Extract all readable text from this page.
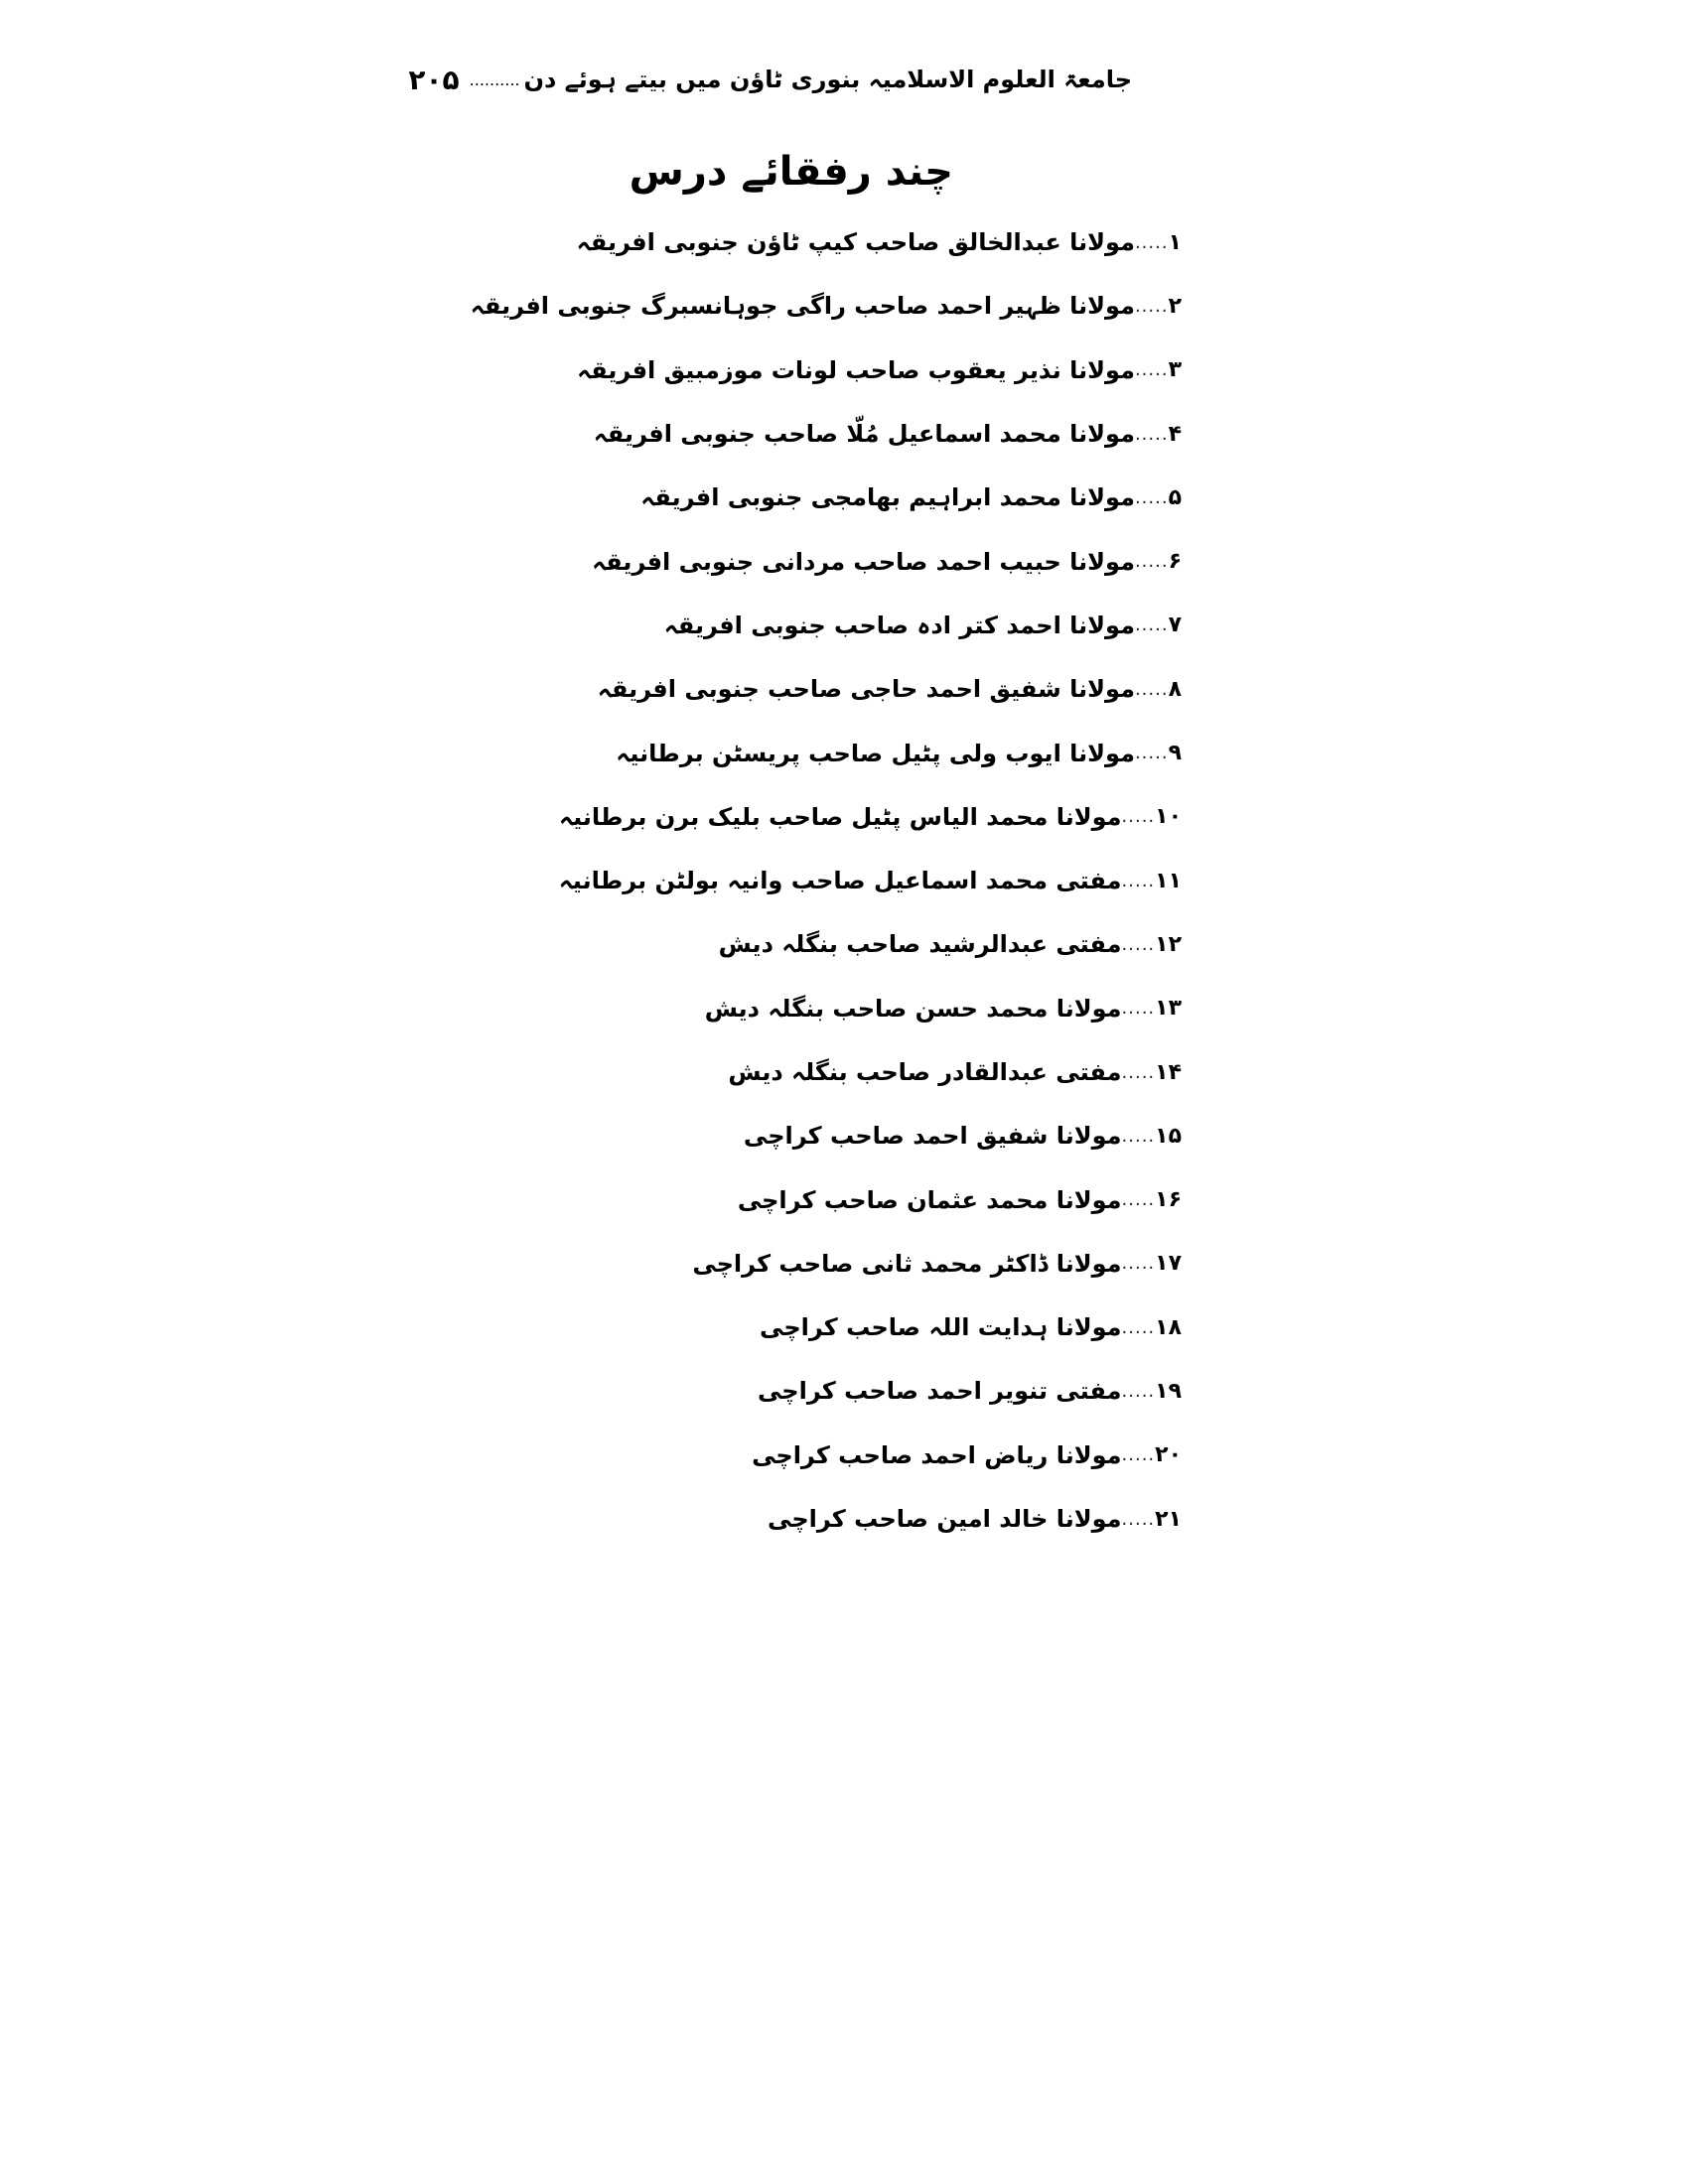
جامعۃ العلوم الاسلامیہ بنوری ٹاؤن میں بیتے ہوئے دن
..........
۲۰۵
چند رفقائے درس
۱
.....
مولانا عبدالخالق صاحب کیپ ٹاؤن جنوبی افریقہ
۲
.....
مولانا ظہیر احمد صاحب راگی جوہانسبرگ جنوبی افریقہ
۳
.....
مولانا نذیر یعقوب صاحب لونات موزمبیق افریقہ
۴
.....
مولانا محمد اسماعیل مُلّا صاحب جنوبی افریقہ
۵
.....
مولانا محمد ابراہیم بھامجی جنوبی افریقہ
۶
.....
مولانا حبیب احمد صاحب مردانی جنوبی افریقہ
۷
.....
مولانا احمد کتر ادہ صاحب جنوبی افریقہ
۸
.....
مولانا شفیق احمد حاجی صاحب جنوبی افریقہ
۹
.....
مولانا ایوب ولی پٹیل صاحب پریسٹن برطانیہ
۱۰
.....
مولانا محمد الیاس پٹیل صاحب بلیک برن برطانیہ
۱۱
.....
مفتی محمد اسماعیل صاحب وانیہ بولٹن برطانیہ
۱۲
.....
مفتی عبدالرشید صاحب بنگلہ دیش
۱۳
.....
مولانا محمد حسن صاحب بنگلہ دیش
۱۴
.....
مفتی عبدالقادر صاحب بنگلہ دیش
۱۵
.....
مولانا شفیق احمد صاحب کراچی
۱۶
.....
مولانا محمد عثمان صاحب کراچی
۱۷
.....
مولانا ڈاکٹر محمد ثانی صاحب کراچی
۱۸
.....
مولانا ہدایت اللہ صاحب کراچی
۱۹
.....
مفتی تنویر احمد صاحب کراچی
۲۰
.....
مولانا ریاض احمد صاحب کراچی
۲۱
.....
مولانا خالد امین صاحب کراچی
